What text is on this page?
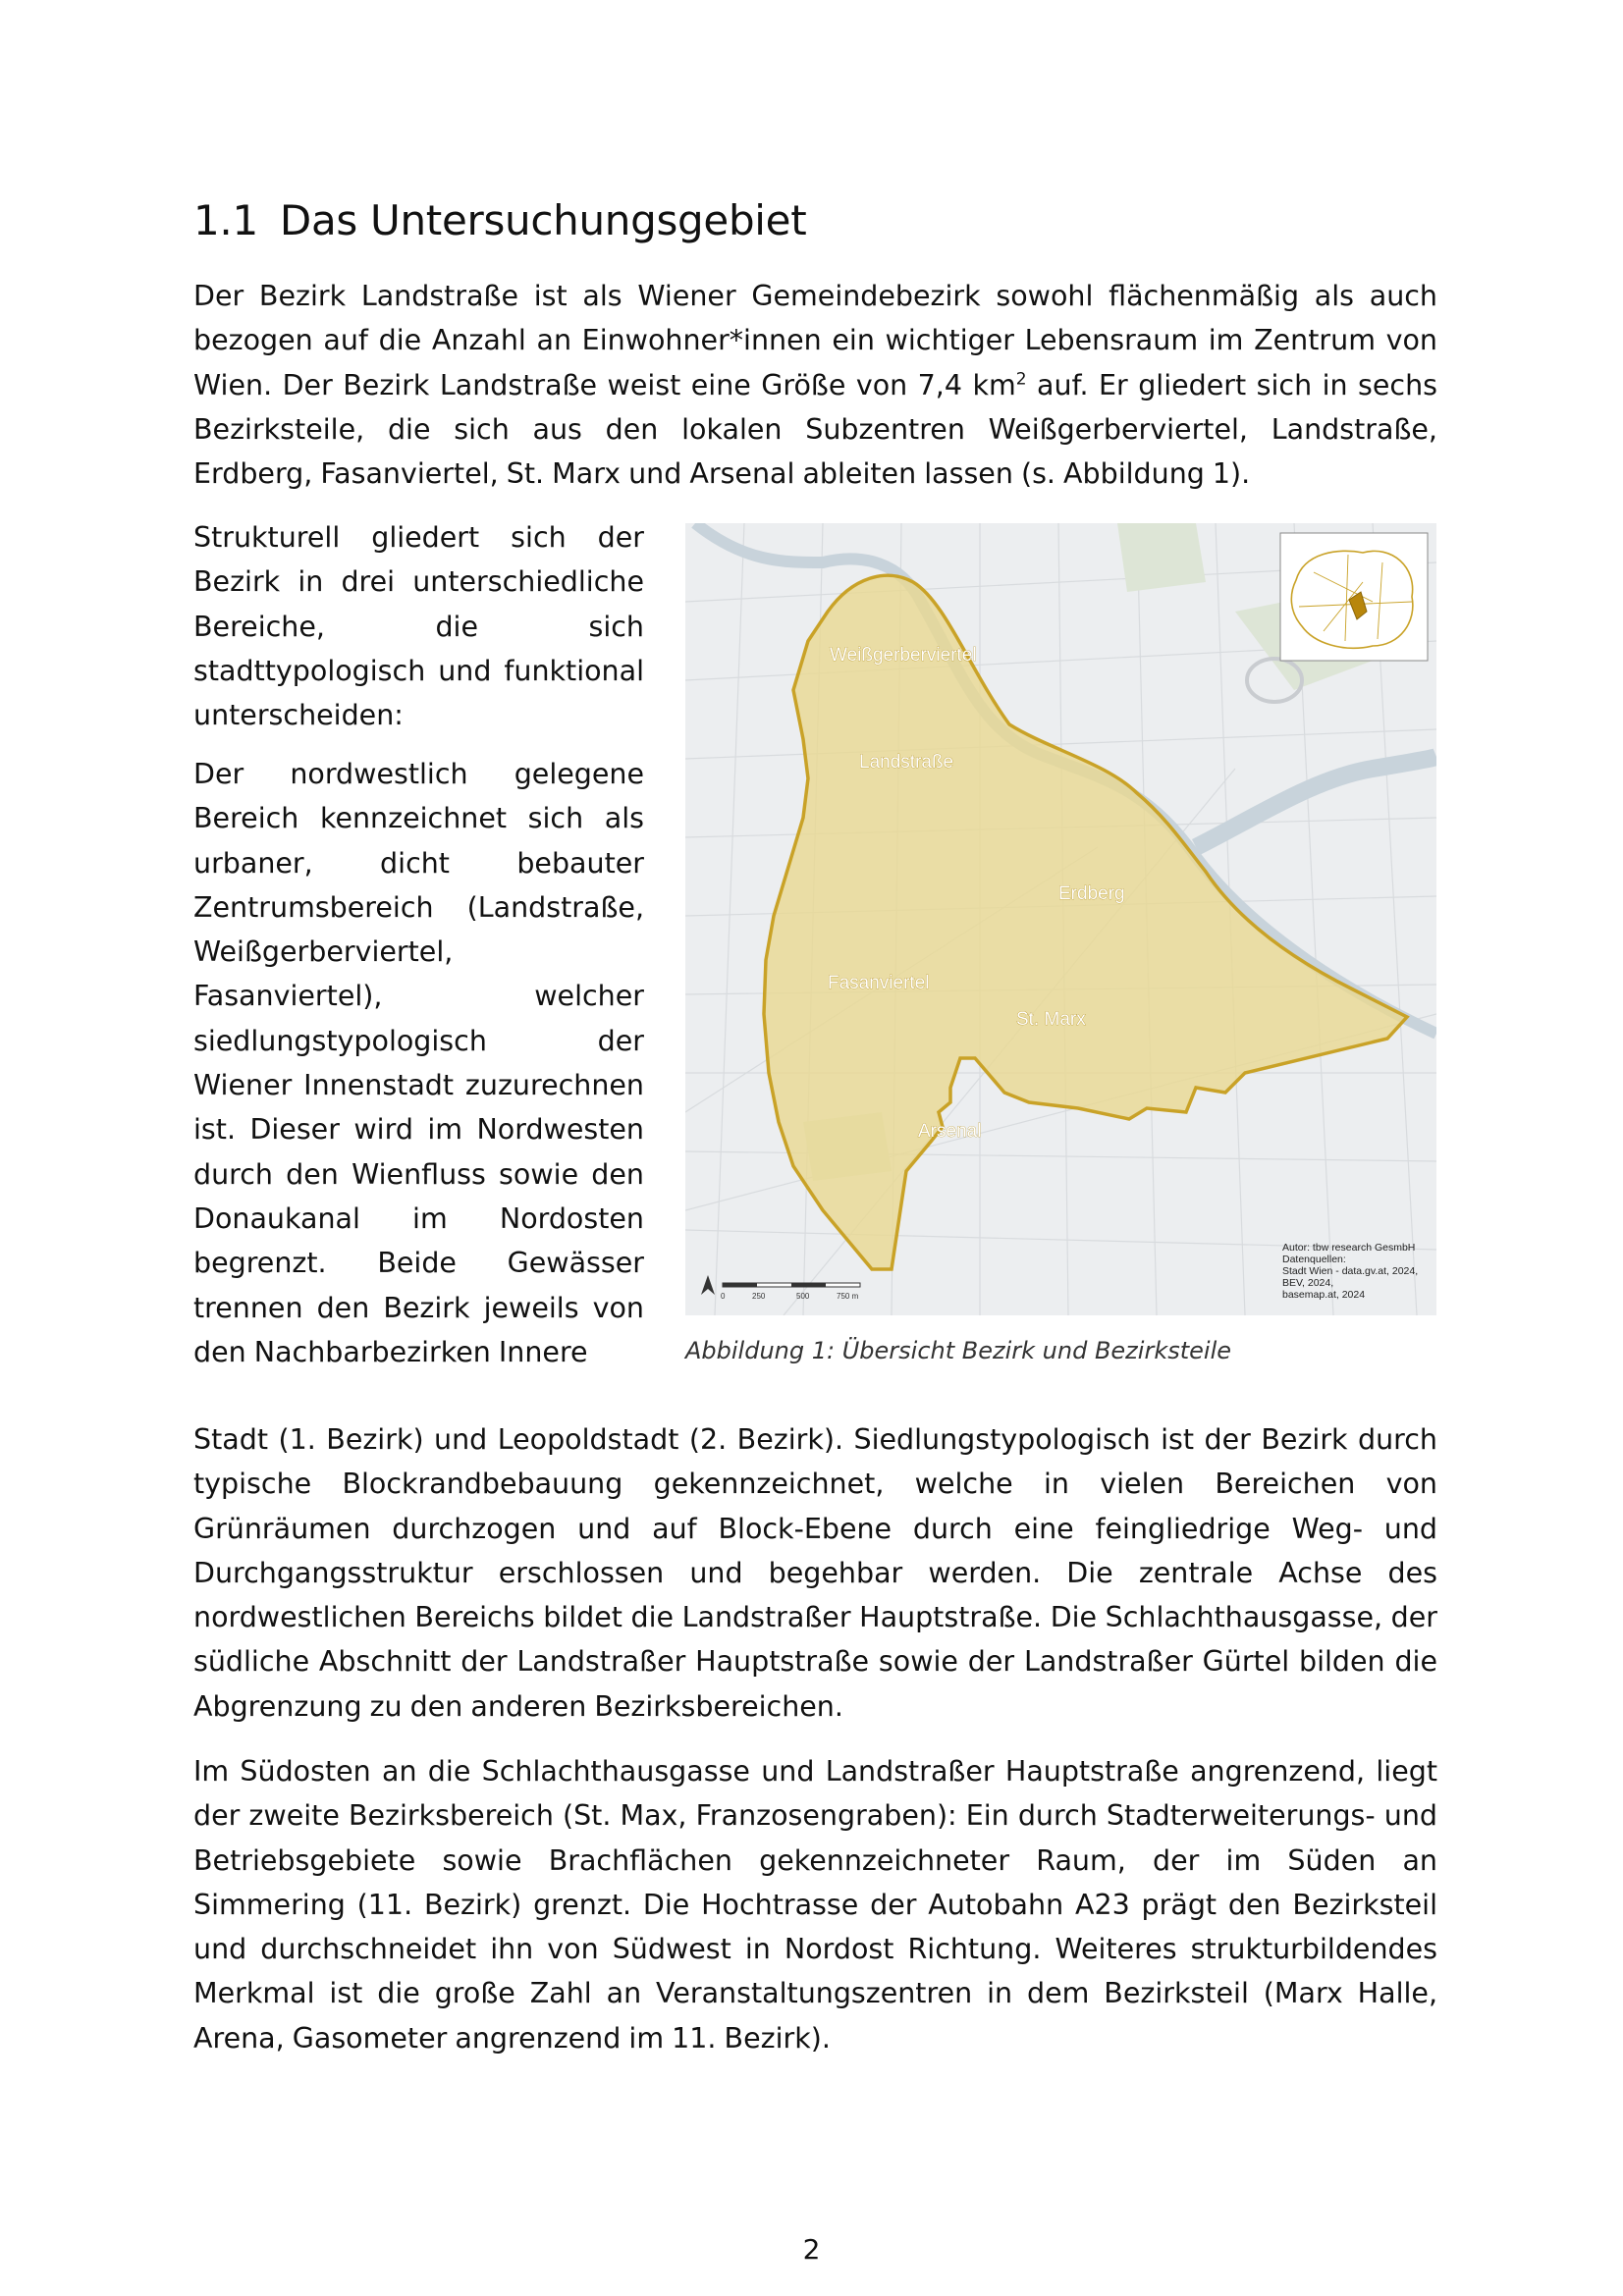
1.1 Das Untersuchungsgebiet

Der Bezirk Landstraße ist als Wiener Gemeindebezirk sowohl flächenmäßig als auch bezogen auf die Anzahl an Einwohner*innen ein wichtiger Lebensraum im Zentrum von Wien. Der Bezirk Landstraße weist eine Größe von 7,4 $km^2$ auf. Er gliedert sich in sechs Bezirksteile, die sich aus den lokalen Subzentren Weißgerberviertel, Landstraße, Erdberg, Fasanviertel, St. Marx und Arsenal ableiten lassen (s. Abbildung 1).

Strukturell gliedert sich der Bezirk in drei unterschiedliche Bereiche, die sich stadttypologisch und funktional unterscheiden:

Der nordwestlich gelegene Bereich kennzeichnet sich als urbaner, dicht bebauter Zentrumsbereich (Landstraße, Weißgerberviertel, Fasanviertel), welcher siedlungstypologisch der Wiener Innenstadt zuzurechnen ist. Dieser wird im Nordwesten durch den Wienfluss sowie den Donaukanal im Nordosten begrenzt. Beide Gewässer trennen den Bezirk jeweils von den Nachbarbezirken Innere

Weißgerberviertel
Landstraße
Erdberg
Fasanviertel
St. Marx
Arsenal
Autor: tbw research GesmbH
Datenquellen:
Stadt Wien - data.gv.at, 2024,
BEV, 2024,
basemap.at, 2024
0	250	500	750 m

Abbildung 1: Übersicht Bezirk und Bezirksteile

Stadt (1. Bezirk) und Leopoldstadt (2. Bezirk). Siedlungstypologisch ist der Bezirk durch typische Blockrandbebauung gekennzeichnet, welche in vielen Bereichen von Grünräumen durchzogen und auf Block-Ebene durch eine feingliedrige Weg- und Durchgangsstruktur erschlossen und begehbar werden. Die zentrale Achse des nordwestlichen Bereichs bildet die Landstraßer Hauptstraße. Die Schlachthausgasse, der südliche Abschnitt der Landstraßer Hauptstraße sowie der Landstraßer Gürtel bilden die Abgrenzung zu den anderen Bezirksbereichen.

Im Südosten an die Schlachthausgasse und Landstraßer Hauptstraße angrenzend, liegt der zweite Bezirksbereich (St. Max, Franzosengraben): Ein durch Stadterweiterungs- und Betriebsgebiete sowie Brachflächen gekennzeichneter Raum, der im Süden an Simmering (11. Bezirk) grenzt. Die Hochtrasse der Autobahn A23 prägt den Bezirksteil und durchschneidet ihn von Südwest in Nordost Richtung. Weiteres strukturbildendes Merkmal ist die große Zahl an Veranstaltungszentren in dem Bezirksteil (Marx Halle, Arena, Gasometer angrenzend im 11. Bezirk).

2
